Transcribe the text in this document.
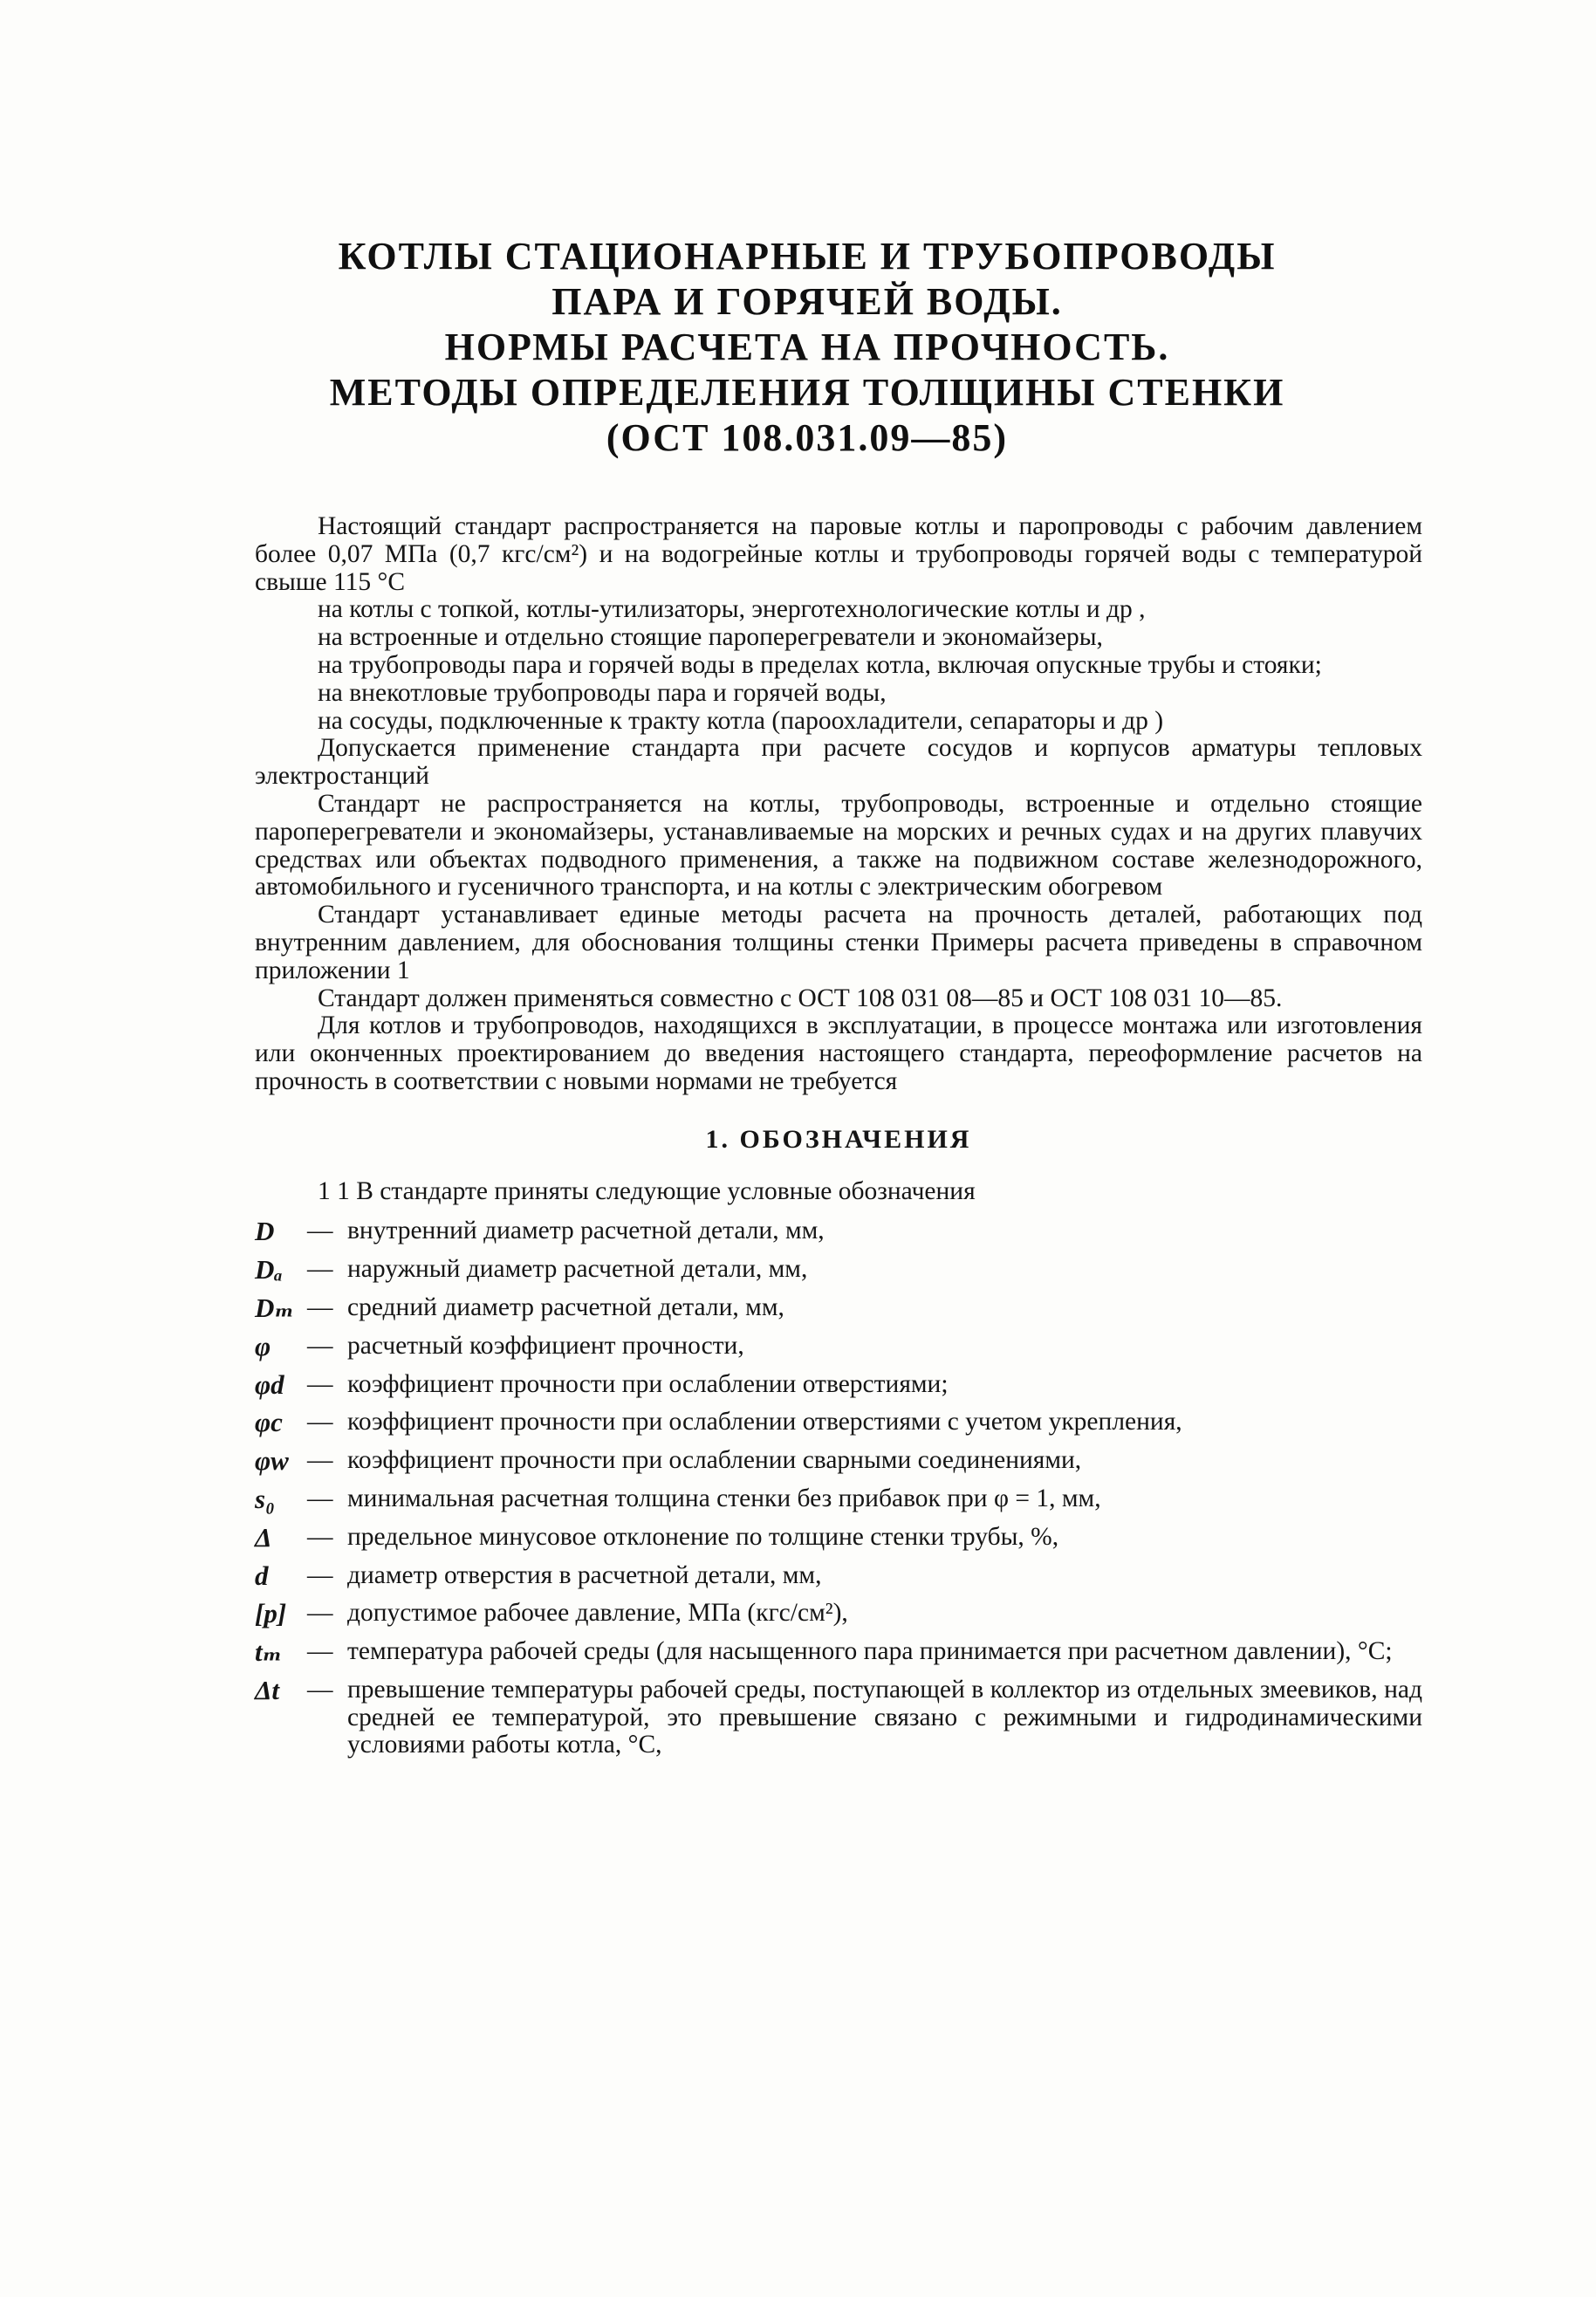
КОТЛЫ СТАЦИОНАРНЫЕ И ТРУБОПРОВОДЫ
ПАРА И ГОРЯЧЕЙ ВОДЫ.
НОРМЫ РАСЧЕТА НА ПРОЧНОСТЬ.
МЕТОДЫ ОПРЕДЕЛЕНИЯ ТОЛЩИНЫ СТЕНКИ
(ОСТ 108.031.09—85)

Настоящий стандарт распространяется на паровые котлы и паропроводы с рабочим давлением более 0,07 МПа (0,7 кгс/см²) и на водогрейные котлы и трубопроводы горячей воды с температурой свыше 115 °С

на котлы с топкой, котлы-утилизаторы, энерготехнологические котлы и др ,

на встроенные и отдельно стоящие пароперегреватели и экономайзеры,

на трубопроводы пара и горячей воды в пределах котла, включая опускные трубы и стояки;

на внекотловые трубопроводы пара и горячей воды,

на сосуды, подключенные к тракту котла (пароохладители, сепараторы и др )

Допускается применение стандарта при расчете сосудов и корпусов арматуры тепловых электростанций

Стандарт не распространяется на котлы, трубопроводы, встроенные и отдельно стоящие пароперегреватели и экономайзеры, устанавливаемые на морских и речных судах и на других плавучих средствах или объектах подводного применения, а также на подвижном составе железнодорожного, автомобильного и гусеничного транспорта, и на котлы с электрическим обогревом

Стандарт устанавливает единые методы расчета на прочность деталей, работающих под внутренним давлением, для обоснования толщины стенки Примеры расчета приведены в справочном приложении 1

Стандарт должен применяться совместно с ОСТ 108 031 08—85 и ОСТ 108 031 10—85.

Для котлов и трубопроводов, находящихся в эксплуатации, в процессе монтажа или изготовления или оконченных проектированием до введения настоящего стандарта, переоформление расчетов на прочность в соответствии с новыми нормами не требуется

1. ОБОЗНАЧЕНИЯ

1 1 В стандарте приняты следующие условные обозначения

D	— внутренний диаметр расчетной детали, мм,
Dₐ — наружный диаметр расчетной детали, мм,
Dₘ — средний диаметр расчетной детали, мм,
φ	— расчетный коэффициент прочности,
φd — коэффициент прочности при ослаблении отверстиями;
φc — коэффициент прочности при ослаблении отверстиями с учетом укрепления,
φw — коэффициент прочности при ослаблении сварными соединениями,
s₀	— минимальная расчетная толщина стенки без прибавок при φ = 1, мм,
Δ	— предельное минусовое отклонение по толщине стенки трубы, %,
d	— диаметр отверстия в расчетной детали, мм,
[p] — допустимое рабочее давление, МПа (кгс/см²),
tₘ — температура рабочей среды (для насыщенного пара принимается при расчетном давлении), °С;
Δt	— превышение температуры рабочей среды, поступающей в коллектор из отдельных змеевиков, над средней ее температурой, это превышение связано с режимными и гидродинамическими условиями работы котла, °С,
